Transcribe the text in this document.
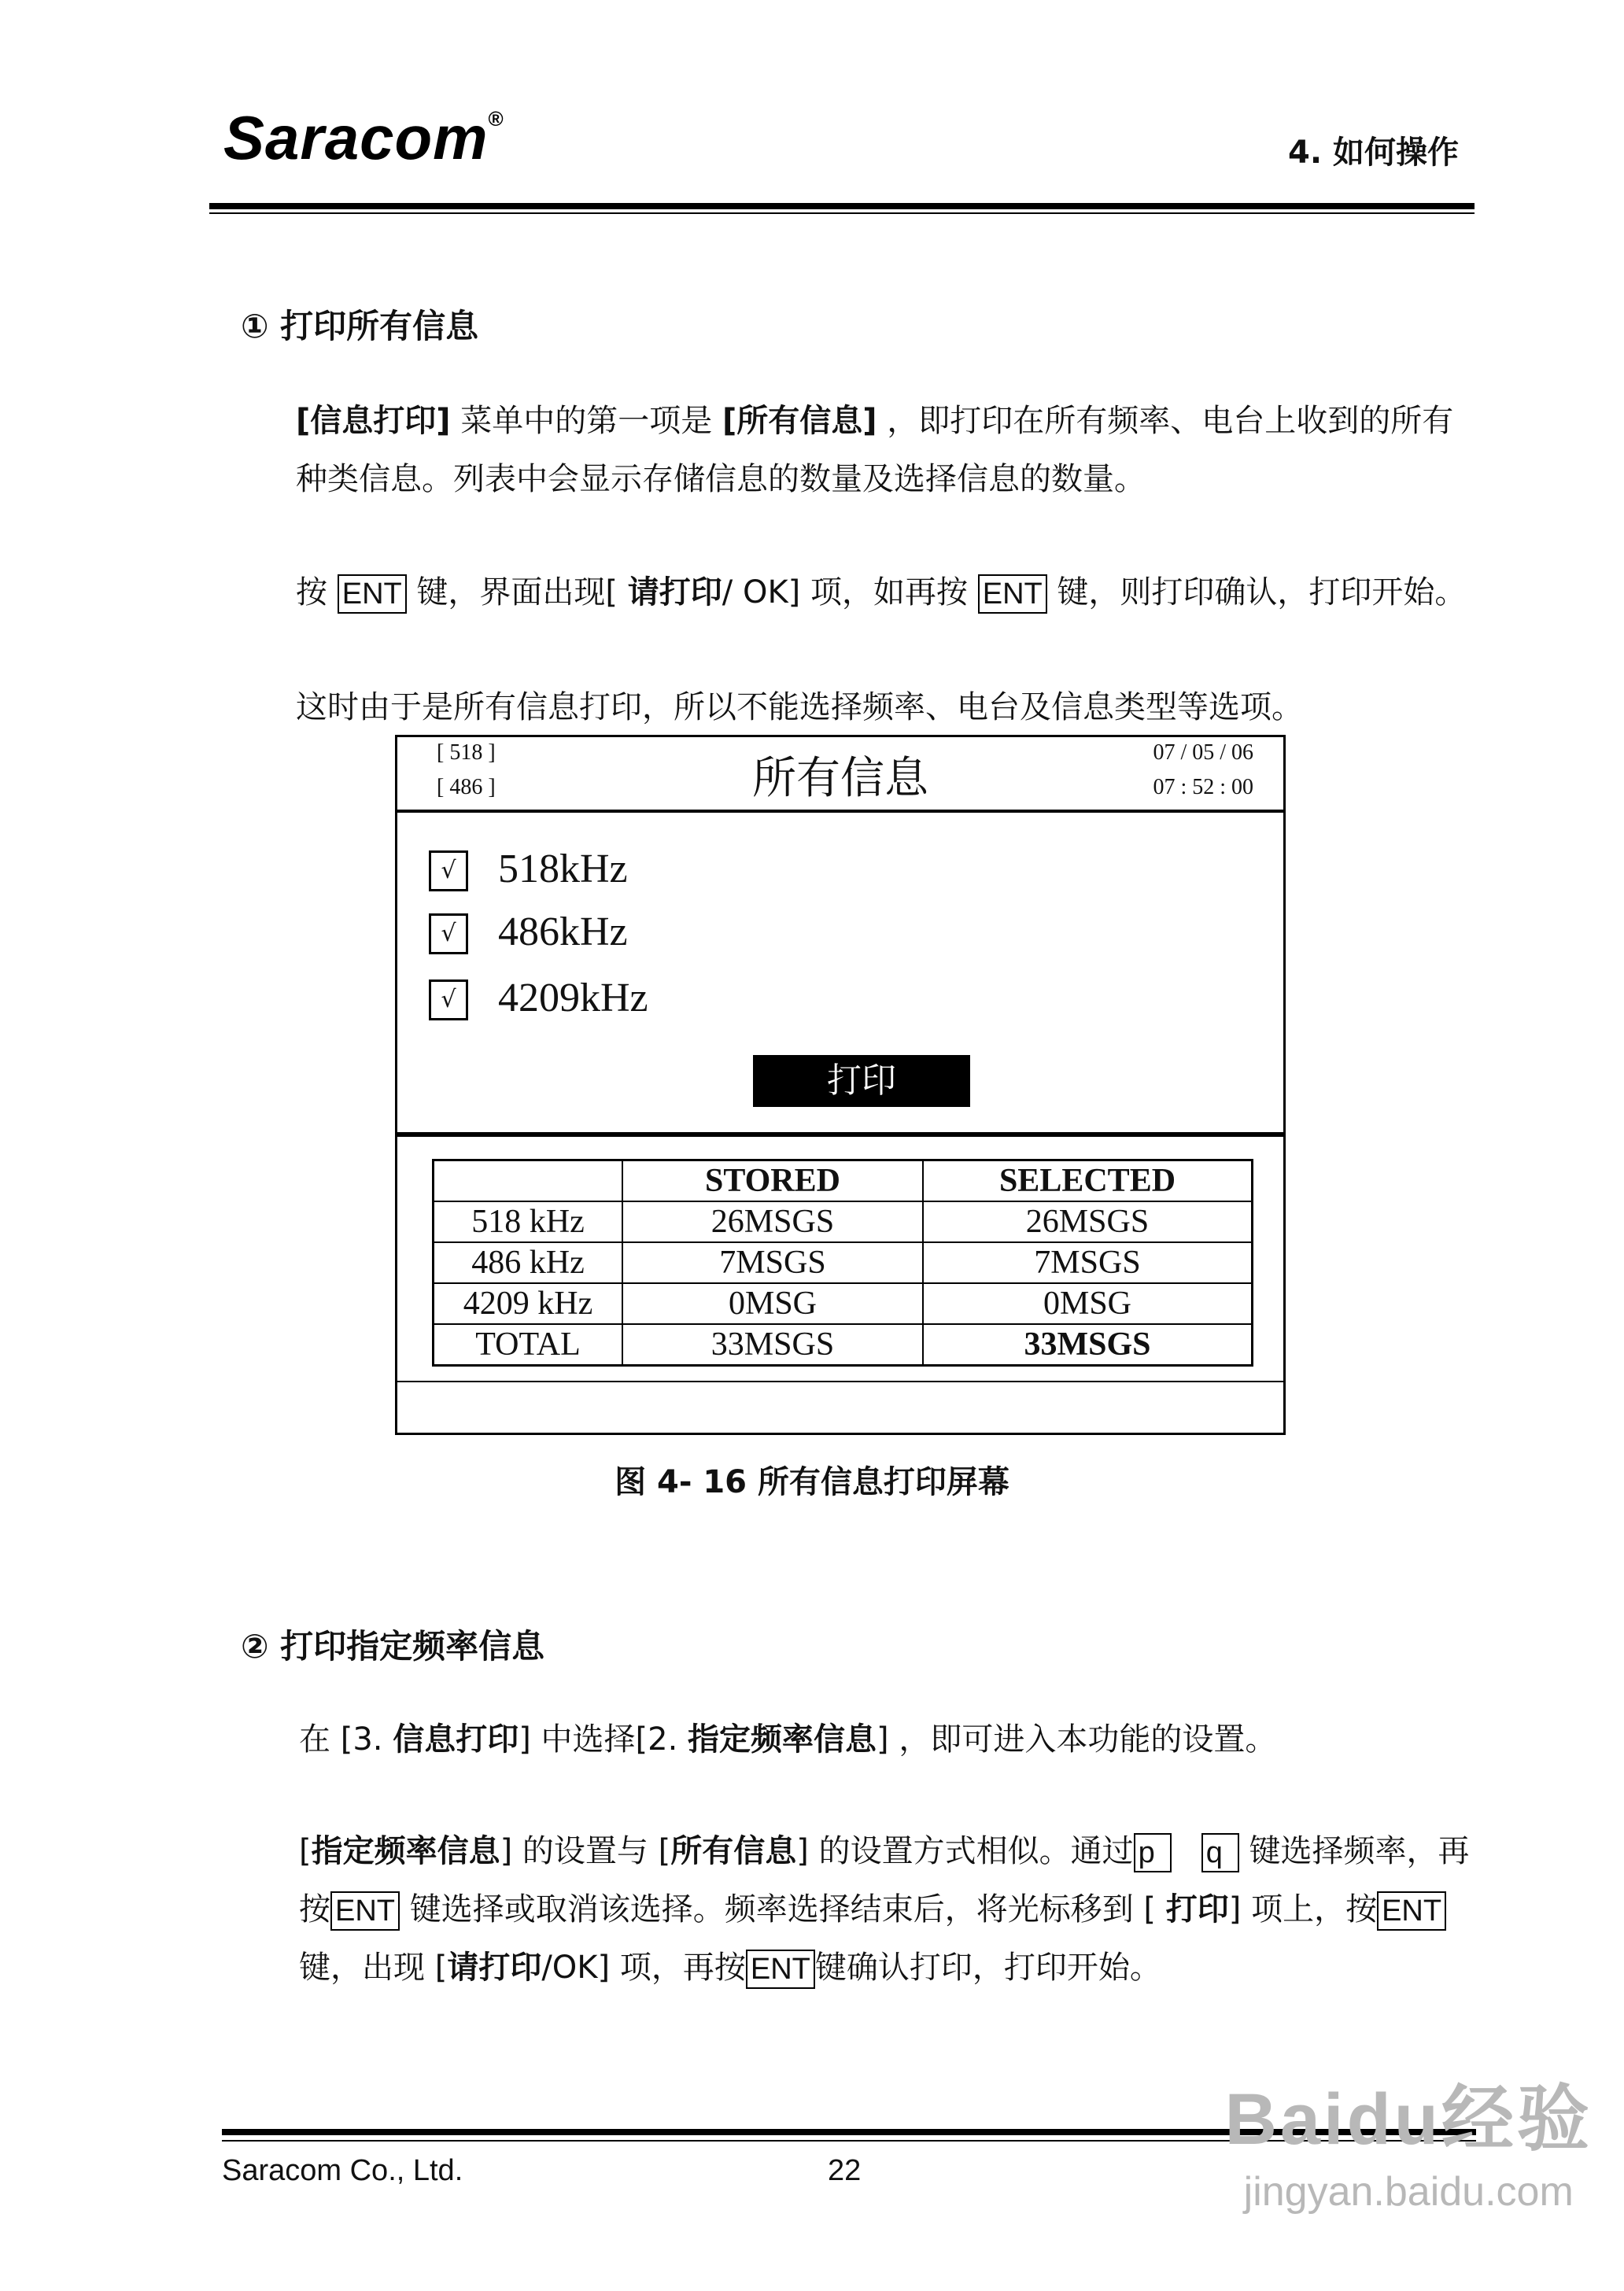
Saracom®
4. 如何操作
① 打印所有信息
[信息打印] 菜单中的第一项是 [所有信息] ，即打印在所有频率、电台上收到的所有种类信息。列表中会显示存储信息的数量及选择信息的数量。
按 ENT 键，界面出现[ 请打印/ OK] 项，如再按 ENT 键，则打印确认，打印开始。
这时由于是所有信息打印，所以不能选择频率、电台及信息类型等选项。
[ 518 ]
[ 486 ]	所有信息
07 / 05 / 06
07 : 52 : 00
√ 518kHz
√ 486kHz
√ 4209kHz
打印
	STORED	SELECTED
518 kHz	26MSGS	26MSGS
486 kHz	7MSGS	7MSGS
4209 kHz	0MSG	0MSG
TOTAL	33MSGS	33MSGS
图 4- 16 所有信息打印屏幕
② 打印指定频率信息
在 [3. 信息打印] 中选择[2. 指定频率信息] ，即可进入本功能的设置。
[指定频率信息] 的设置与 [所有信息] 的设置方式相似。通过 p q 键选择频率，再按 ENT 键选择或取消该选择。频率选择结束后，将光标移到 [ 打印] 项上，按 ENT键，出现 [请打印/OK] 项，再按 ENT 键确认打印，打印开始。
Saracom Co., Ltd.	22
Baidu经验
jingyan.baidu.com
